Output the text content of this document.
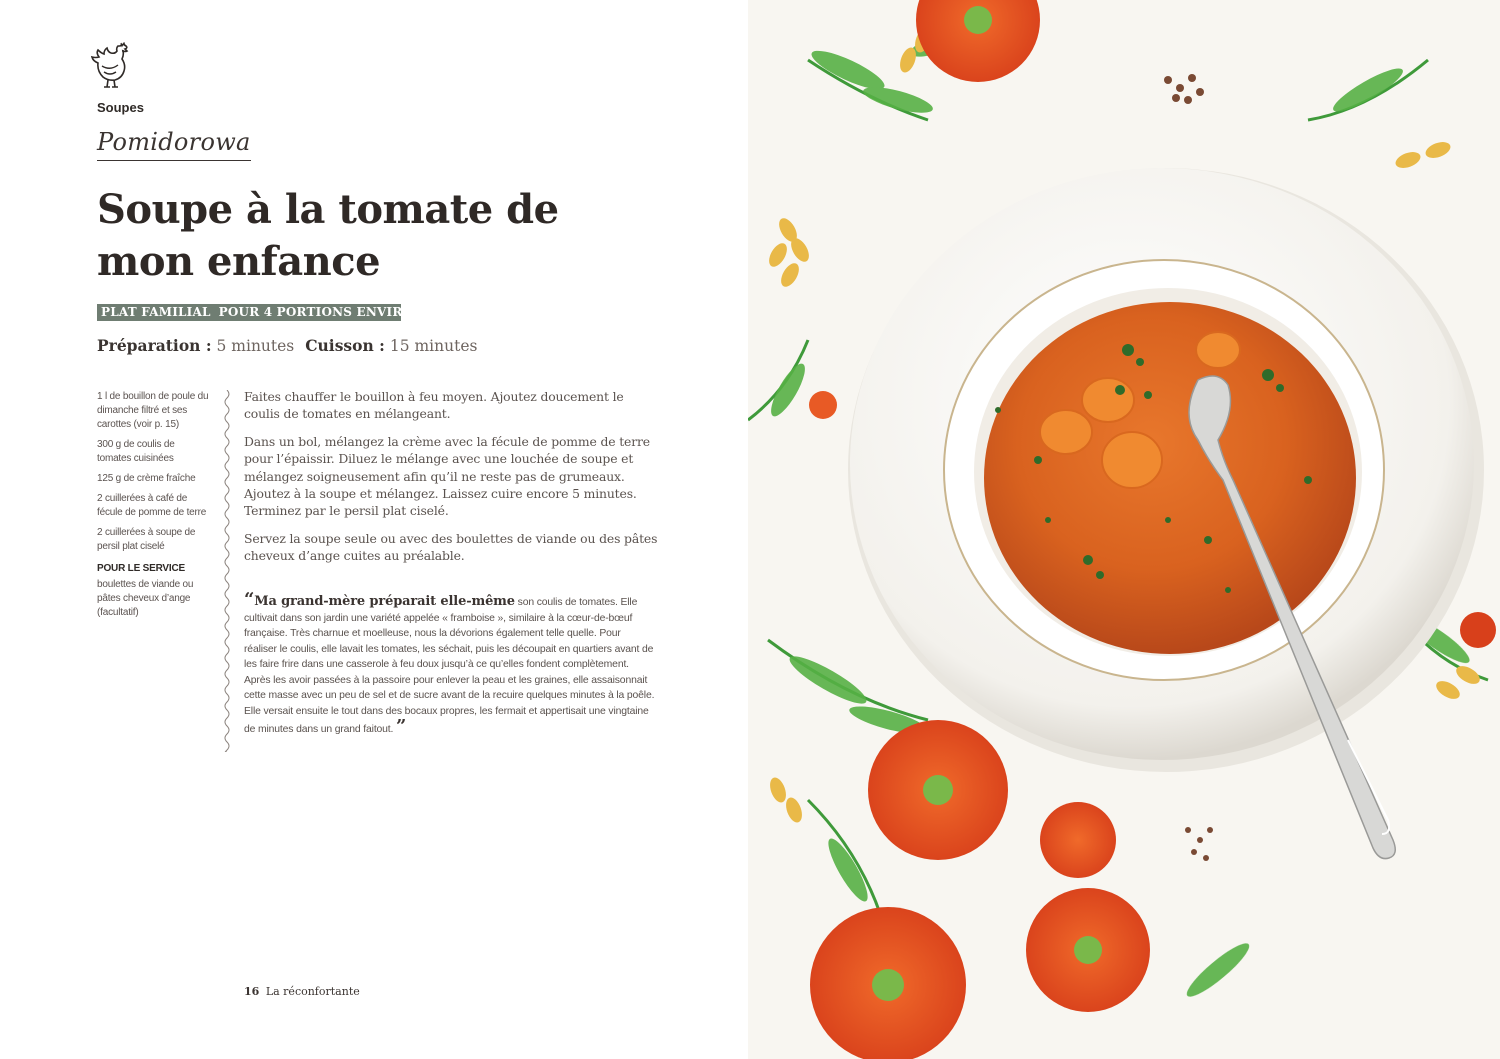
Soupes
Pomidorowa
Soupe à la tomate de mon enfance
PLAT FAMILIAL POUR 4 PORTIONS ENVIRON
Préparation : 5 minutes Cuisson : 15 minutes
1 l de bouillon de poule du dimanche filtré et ses carottes (voir p. 15)
300 g de coulis de tomates cuisinées
125 g de crème fraîche
2 cuillerées à café de fécule de pomme de terre
2 cuillerées à soupe de persil plat ciselé
POUR LE SERVICE
boulettes de viande ou pâtes cheveux d’ange (facultatif)

Faites chauffer le bouillon à feu moyen. Ajoutez doucement le coulis de tomates en mélangeant.

Dans un bol, mélangez la crème avec la fécule de pomme de terre pour l’épaissir. Diluez le mélange avec une louchée de soupe et mélangez soigneusement afin qu’il ne reste pas de grumeaux. Ajoutez à la soupe et mélangez. Laissez cuire encore 5 minutes. Terminez par le persil plat ciselé.

Servez la soupe seule ou avec des boulettes de viande ou des pâtes cheveux d’ange cuites au préalable.

“Ma grand-mère préparait elle-même son coulis de tomates. Elle cultivait dans son jardin une variété appelée « framboise », similaire à la cœur-de-bœuf française. Très charnue et moelleuse, nous la dévorions également telle quelle. Pour réaliser le coulis, elle lavait les tomates, les séchait, puis les découpait en quartiers avant de les faire frire dans une casserole à feu doux jusqu’à ce qu’elles fondent complètement. Après les avoir passées à la passoire pour enlever la peau et les graines, elle assaisonnait cette masse avec un peu de sel et de sucre avant de la recuire quelques minutes à la poêle. Elle versait ensuite le tout dans des bocaux propres, les fermait et appertisait une vingtaine de minutes dans un grand faitout. ”
16 La réconfortante
